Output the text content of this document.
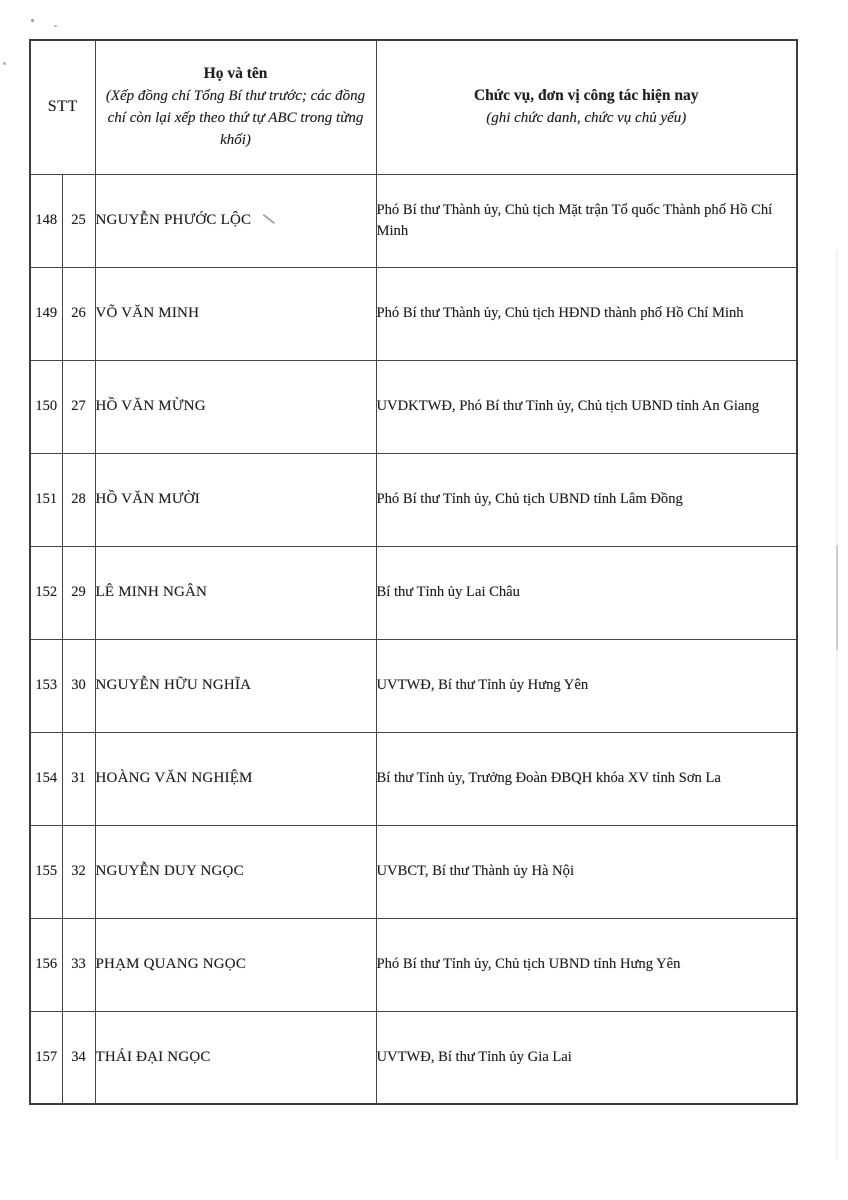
STT	
Họ và tên
(Xếp đồng chí Tổng Bí thư trước; các đồng chí còn lại xếp theo thứ tự ABC trong từng khối)

Chức vụ, đơn vị công tác hiện nay
(ghi chức danh, chức vụ chủ yếu)

148	25	NGUYỄN PHƯỚC LỘC	Phó Bí thư Thành ủy, Chủ tịch Mặt trận Tổ quốc Thành phố Hồ Chí Minh
149	26	VÕ VĂN MINH	Phó Bí thư Thành ủy, Chủ tịch HĐND thành phố Hồ Chí Minh
150	27	HỒ VĂN MỪNG	UVDKTWĐ, Phó Bí thư Tỉnh ủy, Chủ tịch UBND tỉnh An Giang
151	28	HỒ VĂN MƯỜI	Phó Bí thư Tỉnh ủy, Chủ tịch UBND tỉnh Lâm Đồng
152	29	LÊ MINH NGÂN	Bí thư Tỉnh ủy Lai Châu
153	30	NGUYỄN HỮU NGHĨA	UVTWĐ, Bí thư Tỉnh ủy Hưng Yên
154	31	HOÀNG VĂN NGHIỆM	Bí thư Tỉnh ủy, Trưởng Đoàn ĐBQH khóa XV tỉnh Sơn La
155	32	NGUYỄN DUY NGỌC	UVBCT, Bí thư Thành ủy Hà Nội
156	33	PHẠM QUANG NGỌC	Phó Bí thư Tỉnh ủy, Chủ tịch UBND tỉnh Hưng Yên
157	34	THÁI ĐẠI NGỌC	UVTWĐ, Bí thư Tỉnh ủy Gia Lai
